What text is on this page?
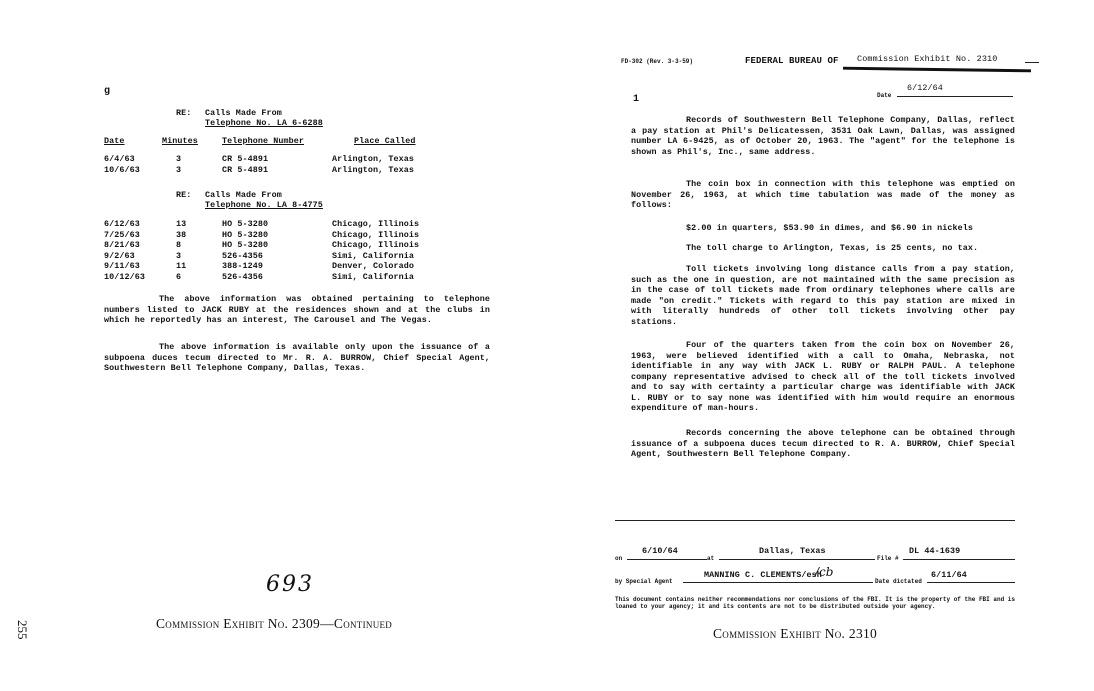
g
RE: Calls Made From
Telephone No. LA 6-6288
Date	Minutes	Telephone Number	Place Called
6/4/63	3	CR 5-4891	Arlington, Texas
10/6/63	3	CR 5-4891	Arlington, Texas
RE: Calls Made From
Telephone No. LA 8-4775
6/12/63	13	HO 5-3280	Chicago, Illinois
7/25/63	38	HO 5-3280	Chicago, Illinois
8/21/63	8	HO 5-3280	Chicago, Illinois
9/2/63	3	526-4356	Simi, California
9/11/63	11	388-1249	Denver, Colorado
10/12/63	6	526-4356	Simi, California
The above information was obtained pertaining to telephone numbers listed to JACK RUBY at the residences shown and at the clubs in which he reportedly has an interest, The Carousel and The Vegas.
The above information is available only upon the issuance of a subpoena duces tecum directed to Mr. R. A. BURROW, Chief Special Agent, Southwestern Bell Telephone Company, Dallas, Texas.
693
Commission Exhibit No. 2309—Continued
255
FD-302 (Rev. 3-3-59)	FEDERAL BUREAU OF Commission Exhibit No. 2310
Date
6/12/64
1
Records of Southwestern Bell Telephone Company, Dallas, reflect a pay station at Phil's Delicatessen, 3531 Oak Lawn, Dallas, was assigned number LA 6-9425, as of October 20, 1963. The "agent" for the telephone is shown as Phil's, Inc., same address.
The coin box in connection with this telephone was emptied on November 26, 1963, at which time tabulation was made of the money as follows:
$2.00 in quarters, $53.90 in dimes, and $6.90 in nickels
The toll charge to Arlington, Texas, is 25 cents, no tax.
Toll tickets involving long distance calls from a pay station, such as the one in question, are not maintained with the same precision as in the case of toll tickets made from ordinary telephones where calls are made "on credit." Tickets with regard to this pay station are mixed in with literally hundreds of other toll tickets involving other pay stations.
Four of the quarters taken from the coin box on November 26, 1963, were believed identified with a call to Omaha, Nebraska, not identifiable in any way with JACK L. RUBY or RALPH PAUL. A telephone company representative advised to check all of the toll tickets involved and to say with certainty a particular charge was identifiable with JACK L. RUBY or to say none was identified with him would require an enormous expenditure of man-hours.
Records concerning the above telephone can be obtained through issuance of a subpoena duces tecum directed to R. A. BURROW, Chief Special Agent, Southwestern Bell Telephone Company.
on
6/10/64
at
Dallas, Texas
File #
DL 44-1639
by Special Agent
MANNING C. CLEMENTS/esh
/cb
Date dictated
6/11/64
This document contains neither recommendations nor conclusions of the FBI. It is the property of the FBI and is loaned to your agency; it and its contents are not to be distributed outside your agency.
Commission Exhibit No. 2310
